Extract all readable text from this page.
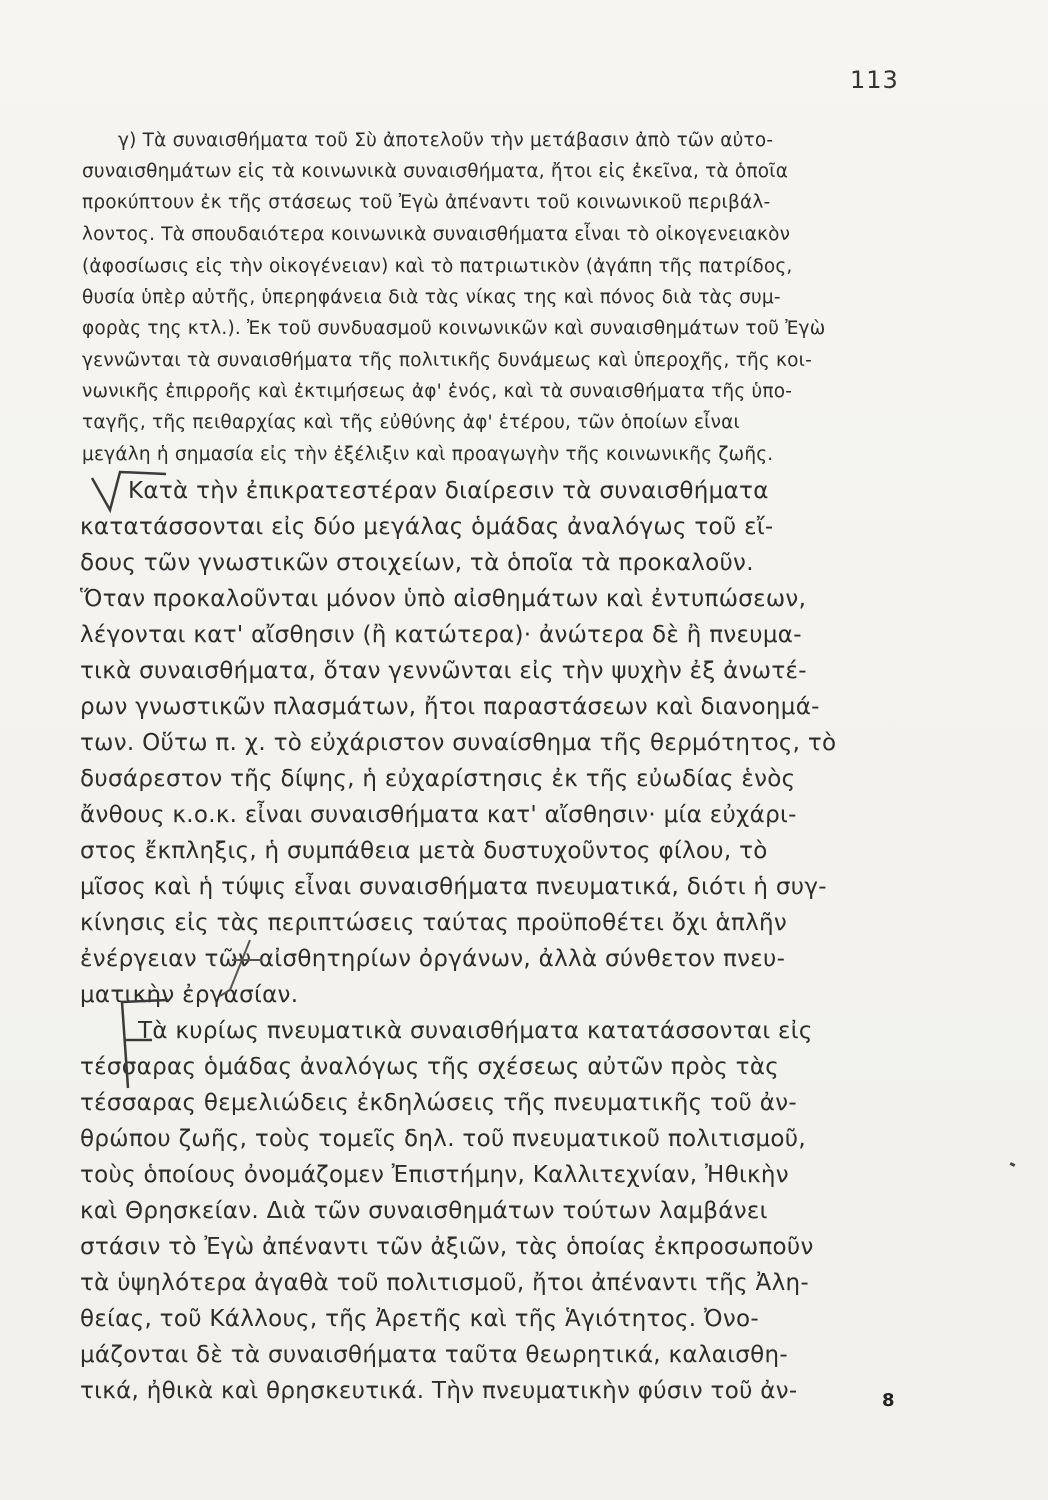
113
γ) Τὰ συναισθήματα τοῦ Σὺ ἀποτελοῦν τὴν μετάβασιν ἀπὸ τῶν αὐτο-
συναισθημάτων εἰς τὰ κοινωνικὰ συναισθήματα, ἤτοι εἰς ἐκεῖνα, τὰ ὁποῖα
προκύπτουν ἐκ τῆς στάσεως τοῦ Ἐγὼ ἀπέναντι τοῦ κοινωνικοῦ περιβάλ-
λοντος. Τὰ σπουδαιότερα κοινωνικὰ συναισθήματα εἶναι τὸ οἰκογενειακὸν
(ἀφοσίωσις εἰς τὴν οἰκογένειαν) καὶ τὸ πατριωτικὸν (ἀγάπη τῆς πατρίδος,
θυσία ὑπὲρ αὐτῆς, ὑπερηφάνεια διὰ τὰς νίκας της καὶ πόνος διὰ τὰς συμ-
φορὰς της κτλ.). Ἐκ τοῦ συνδυασμοῦ κοινωνικῶν καὶ συναισθημάτων τοῦ Ἐγὼ
γεννῶνται τὰ συναισθήματα τῆς πολιτικῆς δυνάμεως καὶ ὑπεροχῆς, τῆς κοι-
νωνικῆς ἐπιρροῆς καὶ ἐκτιμήσεως ἀφ' ἑνός, καὶ τὰ συναισθήματα τῆς ὑπο-
ταγῆς, τῆς πειθαρχίας καὶ τῆς εὐθύνης ἀφ' ἑτέρου, τῶν ὁποίων εἶναι
μεγάλη ἡ σημασία εἰς τὴν ἐξέλιξιν καὶ προαγωγὴν τῆς κοινωνικῆς ζωῆς.
Κατὰ τὴν ἐπικρατεστέραν διαίρεσιν τὰ συναισθήματα
κατατάσσονται εἰς δύο μεγάλας ὁμάδας ἀναλόγως τοῦ εἴ-
δους τῶν γνωστικῶν στοιχείων, τὰ ὁποῖα τὰ προκαλοῦν.
Ὅταν προκαλοῦνται μόνον ὑπὸ αἰσθημάτων καὶ ἐντυπώσεων,
λέγονται κατ' αἴσθησιν (ἢ κατώτερα)· ἀνώτερα δὲ ἢ πνευμα-
τικὰ συναισθήματα, ὅταν γεννῶνται εἰς τὴν ψυχὴν ἐξ ἀνωτέ-
ρων γνωστικῶν πλασμάτων, ἤτοι παραστάσεων καὶ διανοημά-
των. Οὕτω π. χ. τὸ εὐχάριστον συναίσθημα τῆς θερμότητος, τὸ
δυσάρεστον τῆς δίψης, ἡ εὐχαρίστησις ἐκ τῆς εὐωδίας ἑνὸς
ἄνθους κ.ο.κ. εἶναι συναισθήματα κατ' αἴσθησιν· μία εὐχάρι-
στος ἔκπληξις, ἡ συμπάθεια μετὰ δυστυχοῦντος φίλου, τὸ
μῖσος καὶ ἡ τύψις εἶναι συναισθήματα πνευματικά, διότι ἡ συγ-
κίνησις εἰς τὰς περιπτώσεις ταύτας προϋποθέτει ὄχι ἁπλῆν
ἐνέργειαν τῶν αἰσθητηρίων ὀργάνων, ἀλλὰ σύνθετον πνευ-
ματικὴν ἐργασίαν.
Τὰ κυρίως πνευματικὰ συναισθήματα κατατάσσονται εἰς
τέσσαρας ὁμάδας ἀναλόγως τῆς σχέσεως αὐτῶν πρὸς τὰς
τέσσαρας θεμελιώδεις ἐκδηλώσεις τῆς πνευματικῆς τοῦ ἀν-
θρώπου ζωῆς, τοὺς τομεῖς δηλ. τοῦ πνευματικοῦ πολιτισμοῦ,
τοὺς ὁποίους ὀνομάζομεν Ἐπιστήμην, Καλλιτεχνίαν, Ἠθικὴν
καὶ Θρησκείαν. Διὰ τῶν συναισθημάτων τούτων λαμβάνει
στάσιν τὸ Ἐγὼ ἀπέναντι τῶν ἀξιῶν, τὰς ὁποίας ἐκπροσωποῦν
τὰ ὑψηλότερα ἀγαθὰ τοῦ πολιτισμοῦ, ἤτοι ἀπέναντι τῆς Ἀλη-
θείας, τοῦ Κάλλους, τῆς Ἀρετῆς καὶ τῆς Ἁγιότητος. Ὀνο-
μάζονται δὲ τὰ συναισθήματα ταῦτα θεωρητικά, καλαισθη-
τικά, ἠθικὰ καὶ θρησκευτικά. Τὴν πνευματικὴν φύσιν τοῦ ἀν-	8
